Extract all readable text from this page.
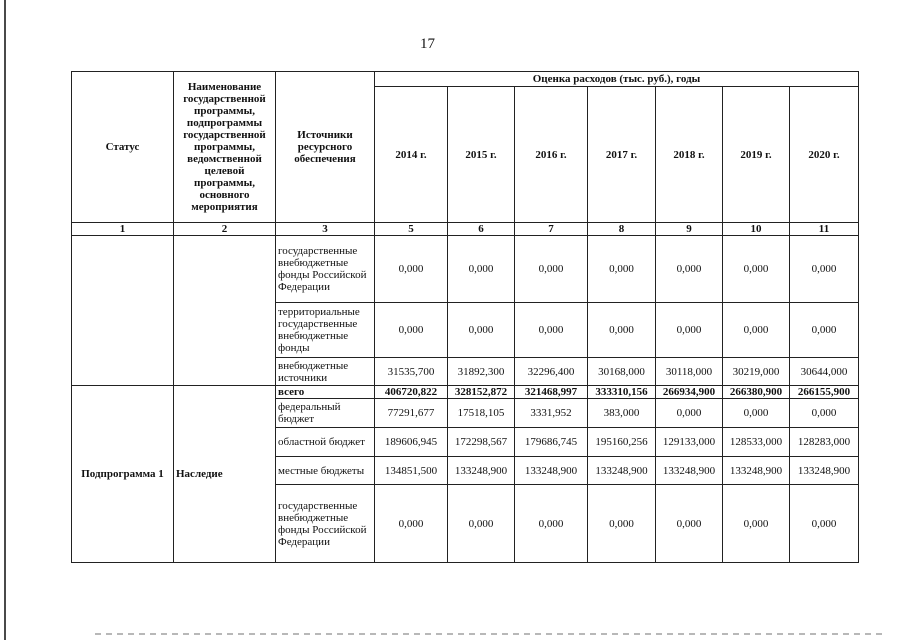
17
Статус	Наименование государственной программы, подпрограммы государственной программы, ведомственной целевой программы, основного мероприятия	Источники ресурсного обеспечения	Оценка расходов (тыс. руб.), годы						
			2014 г.	2015 г.	2016 г.	2017 г.	2018 г.	2019 г.	2020 г.
1	2	3	5	6	7	8	9	10	11
		государственные внебюджетные фонды Российской Федерации	0,000	0,000	0,000	0,000	0,000	0,000	0,000
		территориальные государственные внебюджетные фонды	0,000	0,000	0,000	0,000	0,000	0,000	0,000
		внебюджетные источники	31535,700	31892,300	32296,400	30168,000	30118,000	30219,000	30644,000
Подпрограмма 1	Наследие	всего	406720,822	328152,872	321468,997	333310,156	266934,900	266380,900	266155,900
		федеральный бюджет	77291,677	17518,105	3331,952	383,000	0,000	0,000	0,000
		областной бюджет	189606,945	172298,567	179686,745	195160,256	129133,000	128533,000	128283,000
		местные бюджеты	134851,500	133248,900	133248,900	133248,900	133248,900	133248,900	133248,900
		государственные внебюджетные фонды Российской Федерации	0,000	0,000	0,000	0,000	0,000	0,000	0,000
